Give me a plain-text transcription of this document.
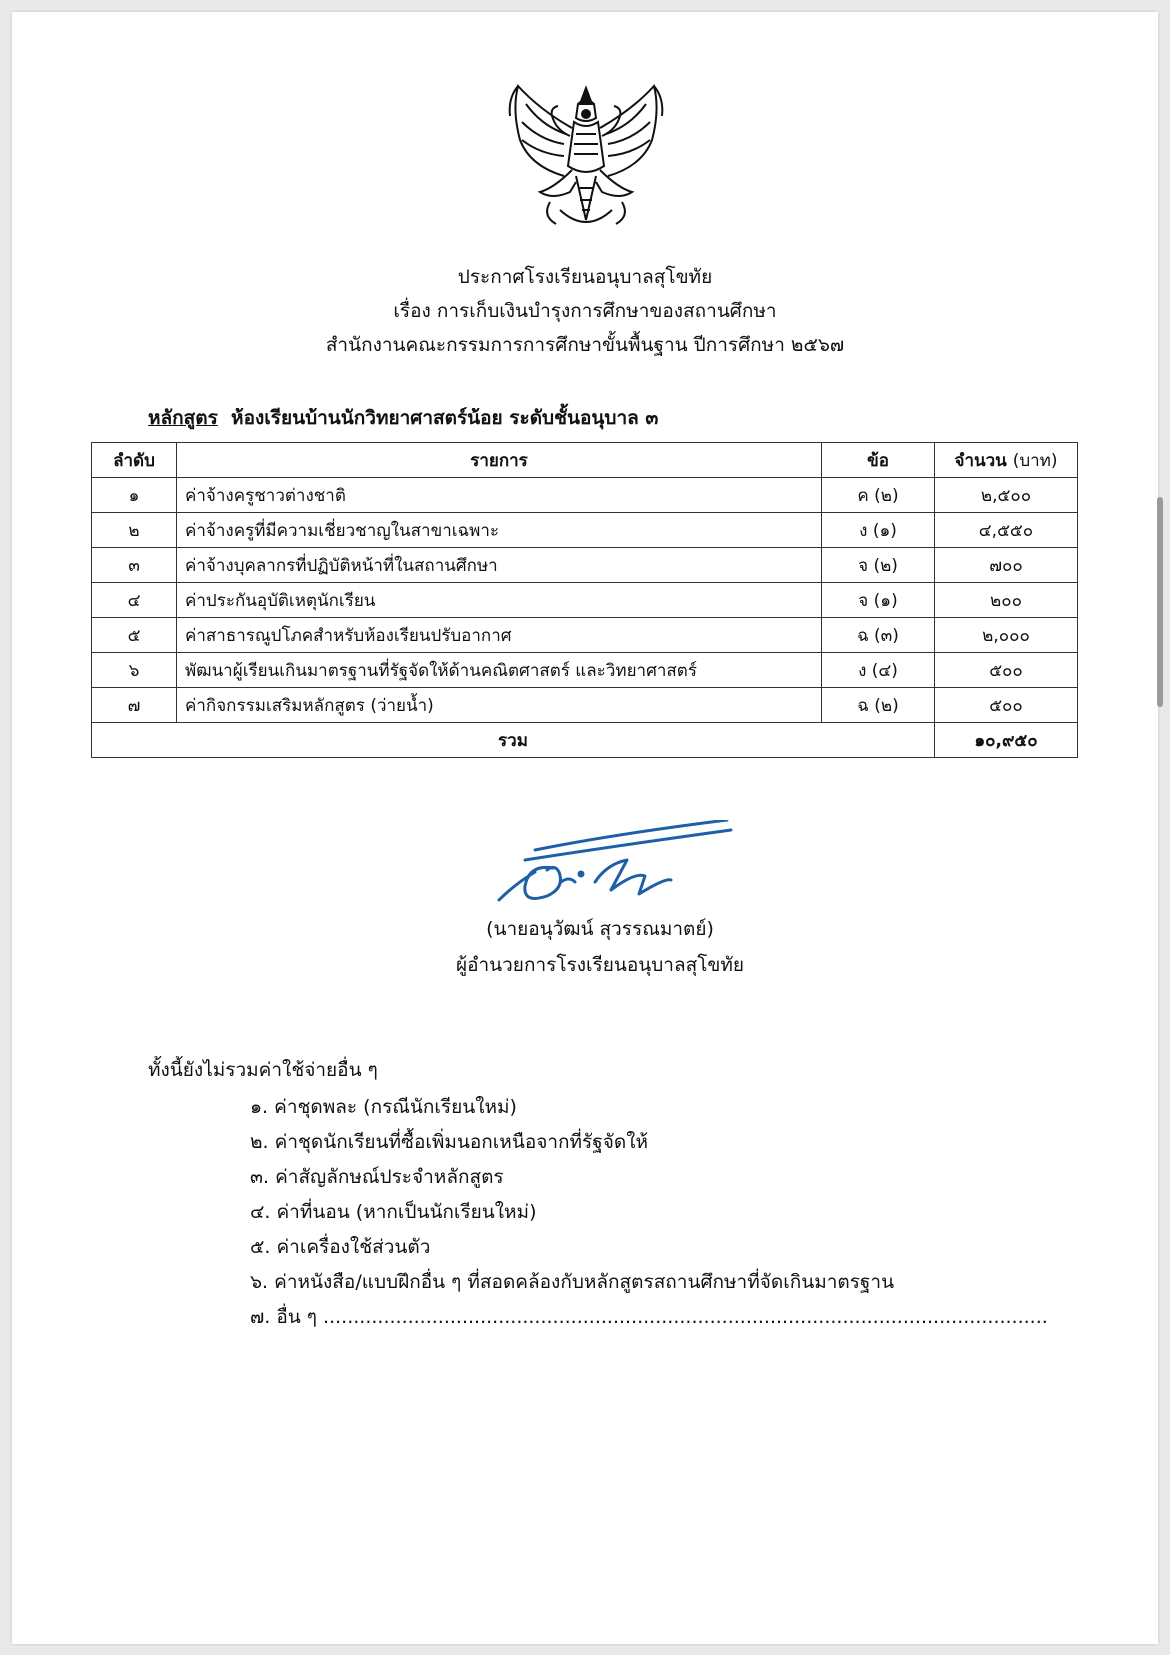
ประกาศโรงเรียนอนุบาลสุโขทัย
เรื่อง การเก็บเงินบำรุงการศึกษาของสถานศึกษา
สำนักงานคณะกรรมการการศึกษาขั้นพื้นฐาน ปีการศึกษา ๒๕๖๗
หลักสูตร ห้องเรียนบ้านนักวิทยาศาสตร์น้อย ระดับชั้นอนุบาล ๓
ลำดับ	รายการ	ข้อ	จำนวน (บาท)
๑	ค่าจ้างครูชาวต่างชาติ	ค (๒)	๒,๕๐๐
๒	ค่าจ้างครูที่มีความเชี่ยวชาญในสาขาเฉพาะ	ง (๑)	๔,๕๕๐
๓	ค่าจ้างบุคลากรที่ปฏิบัติหน้าที่ในสถานศึกษา	จ (๒)	๗๐๐
๔	ค่าประกันอุบัติเหตุนักเรียน	จ (๑)	๒๐๐
๕	ค่าสาธารณูปโภคสำหรับห้องเรียนปรับอากาศ	ฉ (๓)	๒,๐๐๐
๖	พัฒนาผู้เรียนเกินมาตรฐานที่รัฐจัดให้ด้านคณิตศาสตร์ และวิทยาศาสตร์	ง (๔)	๕๐๐
๗	ค่ากิจกรรมเสริมหลักสูตร (ว่ายน้ำ)	ฉ (๒)	๕๐๐
รวม			๑๐,๙๕๐
(นายอนุวัฒน์ สุวรรณมาตย์)
ผู้อำนวยการโรงเรียนอนุบาลสุโขทัย
ทั้งนี้ยังไม่รวมค่าใช้จ่ายอื่น ๆ
๑. ค่าชุดพละ (กรณีนักเรียนใหม่)
๒. ค่าชุดนักเรียนที่ซื้อเพิ่มนอกเหนือจากที่รัฐจัดให้
๓. ค่าสัญลักษณ์ประจำหลักสูตร
๔. ค่าที่นอน (หากเป็นนักเรียนใหม่)
๕. ค่าเครื่องใช้ส่วนตัว
๖. ค่าหนังสือ/แบบฝึกอื่น ๆ ที่สอดคล้องกับหลักสูตรสถานศึกษาที่จัดเกินมาตรฐาน
๗. อื่น ๆ ........................................................................................................................
